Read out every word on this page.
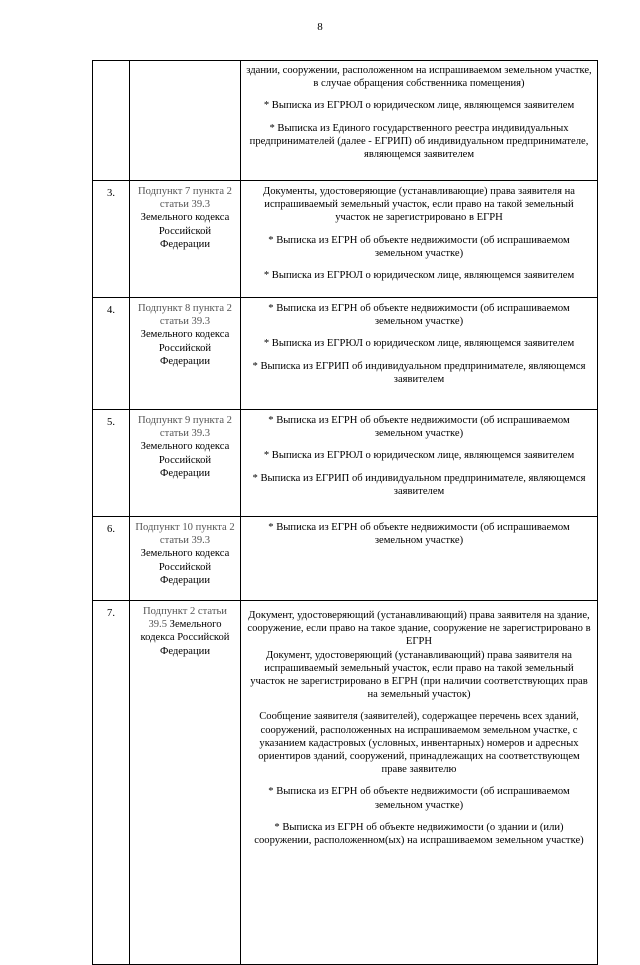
8

		здании, сооружении, расположенном на испрашиваемом земельном участке, в случае обращения собственника помещения)

* Выписка из ЕГРЮЛ о юридическом лице, являющемся заявителем

* Выписка из Единого государственного реестра индивидуальных предпринимателей (далее - ЕГРИП) об индивидуальном предпринимателе, являющемся заявителем

3.	Подпункт 7 пункта 2 статьи 39.3 Земельного кодекса Российской Федерации	Документы, удостоверяющие (устанавливающие) права заявителя на испрашиваемый земельный участок, если право на такой земельный участок не зарегистрировано в ЕГРН

* Выписка из ЕГРН об объекте недвижимости (об испрашиваемом земельном участке)

* Выписка из ЕГРЮЛ о юридическом лице, являющемся заявителем

4.	Подпункт 8 пункта 2 статьи 39.3 Земельного кодекса Российской Федерации	* Выписка из ЕГРН об объекте недвижимости (об испрашиваемом земельном участке)

* Выписка из ЕГРЮЛ о юридическом лице, являющемся заявителем

* Выписка из ЕГРИП об индивидуальном предпринимателе, являющемся заявителем

5.	Подпункт 9 пункта 2 статьи 39.3 Земельного кодекса Российской Федерации	* Выписка из ЕГРН об объекте недвижимости (об испрашиваемом земельном участке)

* Выписка из ЕГРЮЛ о юридическом лице, являющемся заявителем

* Выписка из ЕГРИП об индивидуальном предпринимателе, являющемся заявителем

6.	Подпункт 10 пункта 2 статьи 39.3 Земельного кодекса Российской Федерации	* Выписка из ЕГРН об объекте недвижимости (об испрашиваемом земельном участке)

7.	Подпункт 2 статьи 39.5 Земельного кодекса Российской Федерации	Документ, удостоверяющий (устанавливающий) права заявителя на здание, сооружение, если право на такое здание, сооружение не зарегистрировано в ЕГРН

Документ, удостоверяющий (устанавливающий) права заявителя на испрашиваемый земельный участок, если право на такой земельный участок не зарегистрировано в ЕГРН (при наличии соответствующих прав на земельный участок)

Сообщение заявителя (заявителей), содержащее перечень всех зданий, сооружений, расположенных на испрашиваемом земельном участке, с указанием кадастровых (условных, инвентарных) номеров и адресных ориентиров зданий, сооружений, принадлежащих на соответствующем праве заявителю

* Выписка из ЕГРН об объекте недвижимости (об испрашиваемом земельном участке)

* Выписка из ЕГРН об объекте недвижимости (о здании и (или) сооружении, расположенном(ых) на испрашиваемом земельном участке)
